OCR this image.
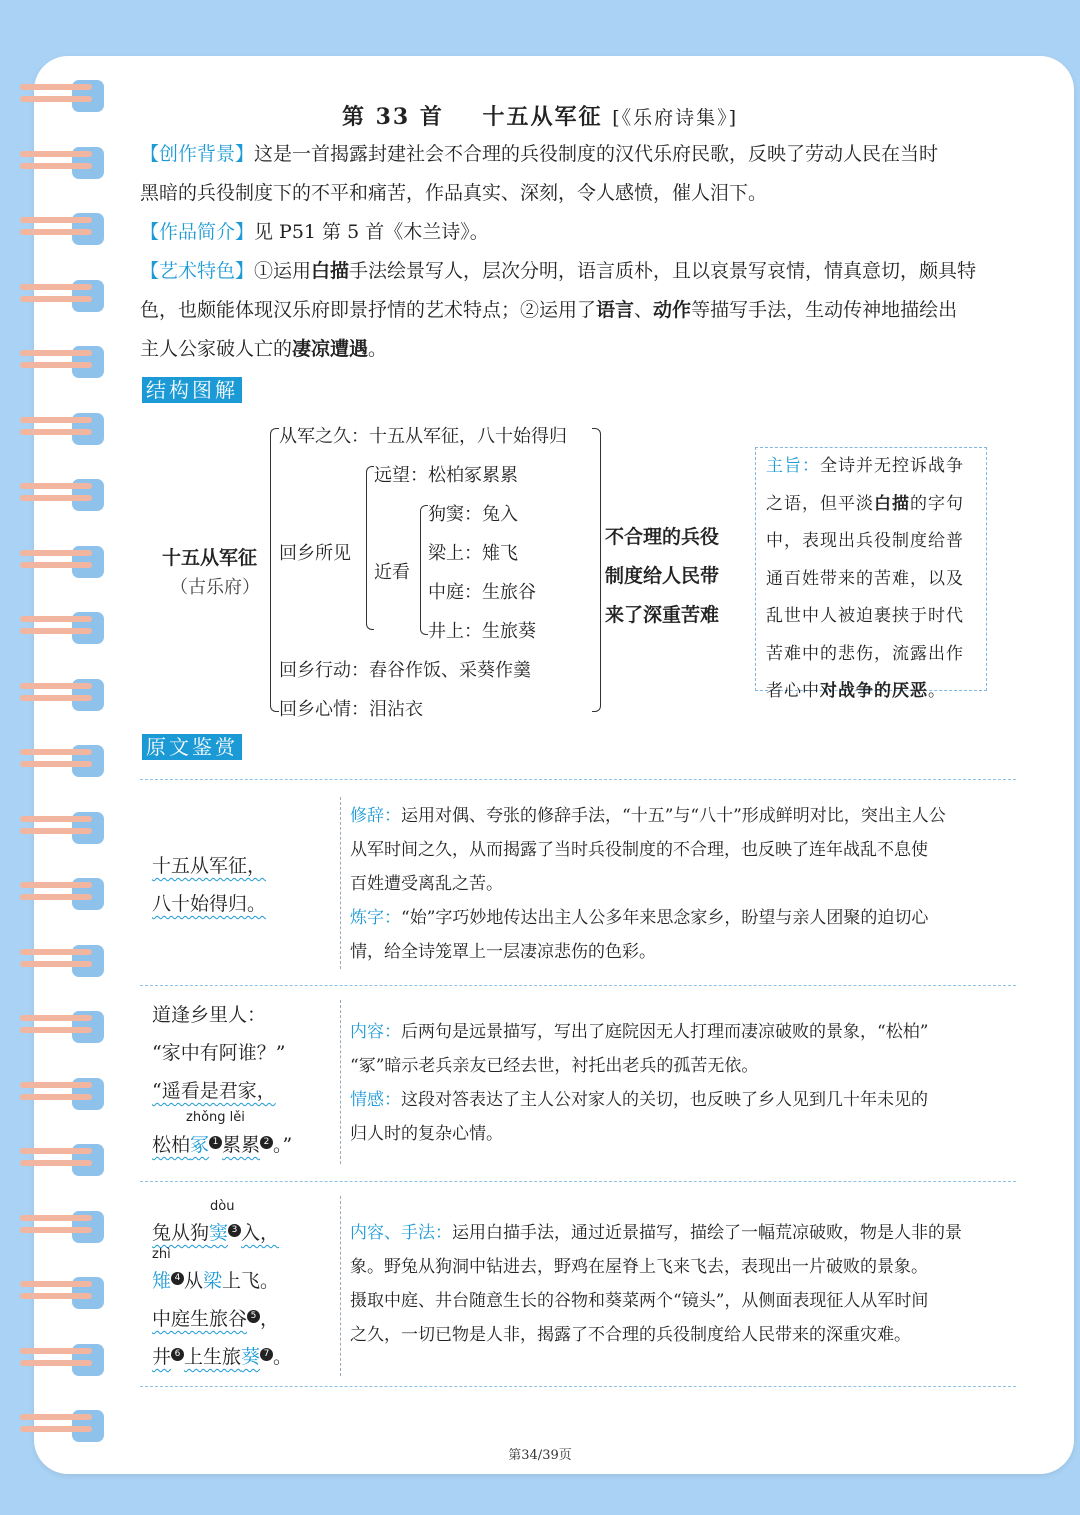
第 33 首 十五从军征 [《乐府诗集》]
【创作背景】这是一首揭露封建社会不合理的兵役制度的汉代乐府民歌，反映了劳动人民在当时
黑暗的兵役制度下的不平和痛苦，作品真实、深刻，令人感愤，催人泪下。
【作品简介】见 P51 第 5 首《木兰诗》。
【艺术特色】①运用白描手法绘景写人，层次分明，语言质朴，且以哀景写哀情，情真意切，颇具特
色，也颇能体现汉乐府即景抒情的艺术特点；②运用了语言、动作等描写手法，生动传神地描绘出
主人公家破人亡的凄凉遭遇。
结构图解
十五从军征
（古乐府）
从军之久：十五从军征，八十始得归
回乡所见
远望：松柏冢累累
近看
狗窦：兔入
梁上：雉飞
中庭：生旅谷
井上：生旅葵
回乡行动：舂谷作饭、采葵作羹
回乡心情：泪沾衣
不合理的兵役
制度给人民带
来了深重苦难
主旨：全诗并无控诉战争之语，但平淡白描的字句中，表现出兵役制度给普通百姓带来的苦难，以及乱世中人被迫裹挟于时代苦难中的悲伤，流露出作者心中对战争的厌恶。
原文鉴赏
十五从军征，
八十始得归。
修辞：运用对偶、夸张的修辞手法，“十五”与“八十”形成鲜明对比，突出主人公
从军时间之久，从而揭露了当时兵役制度的不合理，也反映了连年战乱不息使
百姓遭受离乱之苦。
炼字：“始”字巧妙地传达出主人公多年来思念家乡，盼望与亲人团聚的迫切心
情，给全诗笼罩上一层凄凉悲伤的色彩。
道逢乡里人：
“家中有阿谁？”
“遥看是君家，
zhǒng lěi
松柏冢 $^1$ 累累 $^2$ 。”
内容：后两句是远景描写，写出了庭院因无人打理而凄凉破败的景象，“松柏”
“冢”暗示老兵亲友已经去世，衬托出老兵的孤苦无依。
情感：这段对答表达了主人公对家人的关切，也反映了乡人见到几十年未见的
归人时的复杂心情。
dòu
兔从狗窦 $^3$ 入，
zhì
雉 $^4$ 从梁上飞。
中庭生旅谷 $^5$ ，
井 $^6$ 上生旅葵 $^7$ 。
内容、手法：运用白描手法，通过近景描写，描绘了一幅荒凉破败，物是人非的景
象。野兔从狗洞中钻进去，野鸡在屋脊上飞来飞去，表现出一片破败的景象。
摄取中庭、井台随意生长的谷物和葵菜两个“镜头”，从侧面表现征人从军时间
之久，一切已物是人非，揭露了不合理的兵役制度给人民带来的深重灾难。
第34/39页
